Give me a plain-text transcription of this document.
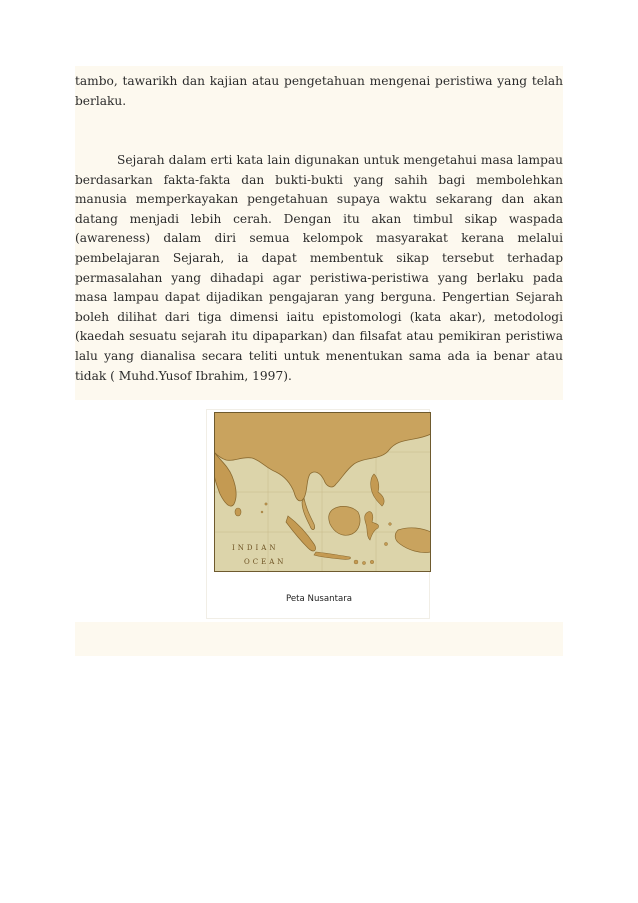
tambo, tawarikh dan kajian atau pengetahuan mengenai peristiwa yang telah berlaku.

Sejarah dalam erti kata lain digunakan untuk mengetahui masa lampau berdasarkan fakta-fakta dan bukti-bukti yang sahih bagi membolehkan manusia memperkayakan pengetahuan supaya waktu sekarang dan akan datang menjadi lebih cerah. Dengan itu akan timbul sikap waspada (awareness) dalam diri semua kelompok masyarakat kerana melalui pembelajaran Sejarah, ia dapat membentuk sikap tersebut terhadap permasalahan yang dihadapi agar peristiwa-peristiwa yang berlaku pada masa lampau dapat dijadikan pengajaran yang berguna. Pengertian Sejarah boleh dilihat dari tiga dimensi iaitu epistomologi (kata akar), metodologi (kaedah sesuatu sejarah itu dipaparkan) dan filsafat atau pemikiran peristiwa lalu yang dianalisa secara teliti untuk menentukan sama ada ia benar atau tidak ( Muhd.Yusof Ibrahim, 1997).

INDIAN
OCEAN
Peta Nusantara
